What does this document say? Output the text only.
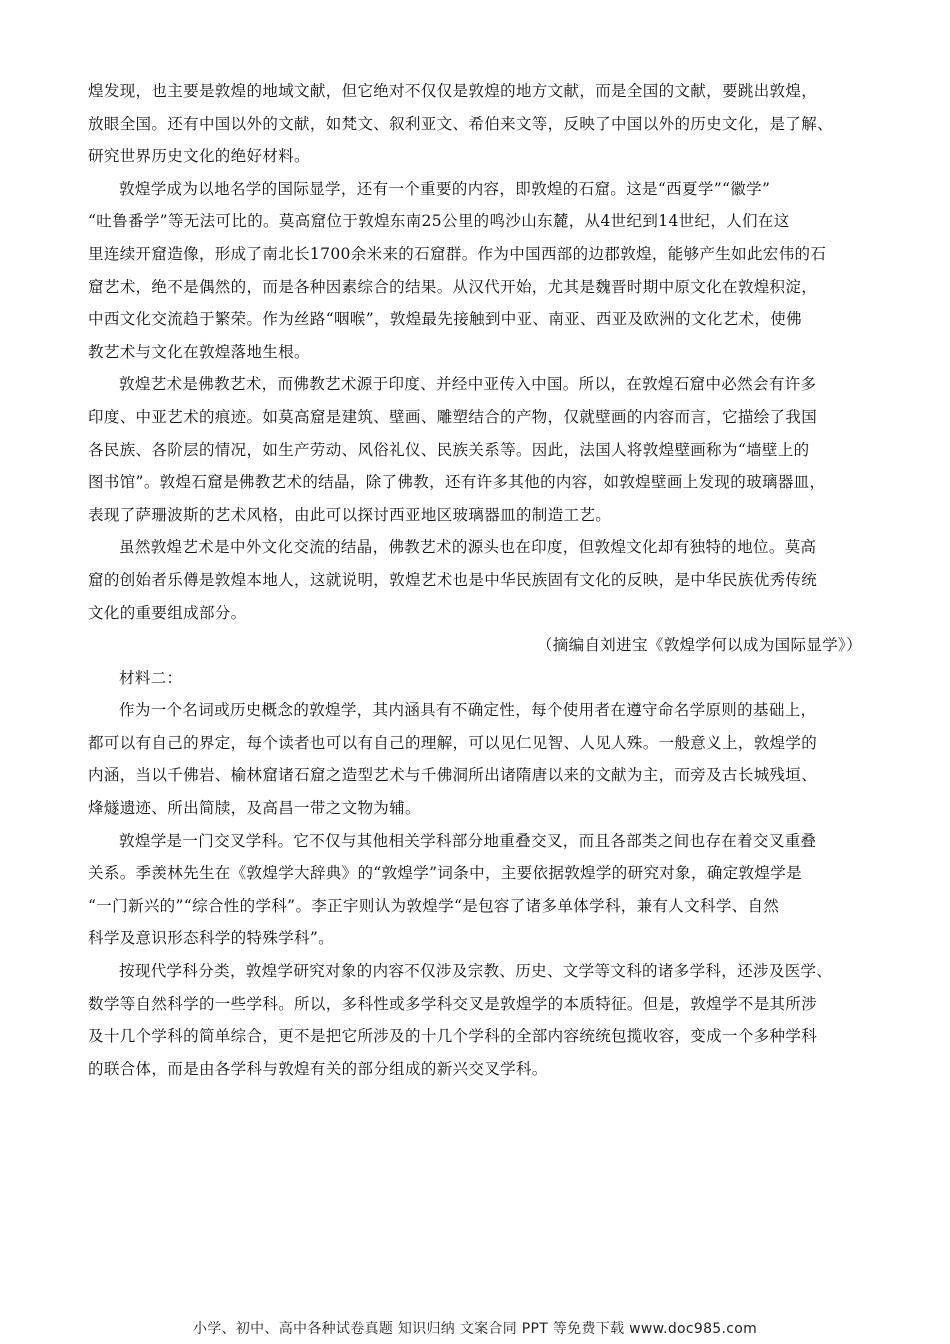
煌发现，也主要是敦煌的地域文献，但它绝对不仅仅是敦煌的地方文献，而是全国的文献，要跳出敦煌，
放眼全国。还有中国以外的文献，如梵文、叙利亚文、希伯来文等，反映了中国以外的历史文化，是了解、
研究世界历史文化的绝好材料。

敦煌学成为以地名学的国际显学，还有一个重要的内容，即敦煌的石窟。这是“西夏学”“徽学”
“吐鲁番学”等无法可比的。莫高窟位于敦煌东南25公里的鸣沙山东麓，从4世纪到14世纪，人们在这
里连续开窟造像，形成了南北长1700余米来的石窟群。作为中国西部的边郡敦煌，能够产生如此宏伟的石
窟艺术，绝不是偶然的，而是各种因素综合的结果。从汉代开始，尤其是魏晋时期中原文化在敦煌积淀，
中西文化交流趋于繁荣。作为丝路“咽喉”，敦煌最先接触到中亚、南亚、西亚及欧洲的文化艺术，使佛
教艺术与文化在敦煌落地生根。

敦煌艺术是佛教艺术，而佛教艺术源于印度、并经中亚传入中国。所以，在敦煌石窟中必然会有许多
印度、中亚艺术的痕迹。如莫高窟是建筑、壁画、雕塑结合的产物，仅就壁画的内容而言，它描绘了我国
各民族、各阶层的情况，如生产劳动、风俗礼仪、民族关系等。因此，法国人将敦煌壁画称为“墙壁上的
图书馆”。敦煌石窟是佛教艺术的结晶，除了佛教，还有许多其他的内容，如敦煌壁画上发现的玻璃器皿，
表现了萨珊波斯的艺术风格，由此可以探讨西亚地区玻璃器皿的制造工艺。

虽然敦煌艺术是中外文化交流的结晶，佛教艺术的源头也在印度，但敦煌文化却有独特的地位。莫高
窟的创始者乐僔是敦煌本地人，这就说明，敦煌艺术也是中华民族固有文化的反映，是中华民族优秀传统
文化的重要组成部分。

（摘编自刘进宝《敦煌学何以成为国际显学》）

材料二：

作为一个名词或历史概念的敦煌学，其内涵具有不确定性，每个使用者在遵守命名学原则的基础上，
都可以有自己的界定，每个读者也可以有自己的理解，可以见仁见智、人见人殊。一般意义上，敦煌学的
内涵，当以千佛岩、榆林窟诸石窟之造型艺术与千佛洞所出诸隋唐以来的文献为主，而旁及古长城残垣、
烽燧遗迹、所出简牍，及高昌一带之文物为辅。

敦煌学是一门交叉学科。它不仅与其他相关学科部分地重叠交叉，而且各部类之间也存在着交叉重叠
关系。季羡林先生在《敦煌学大辞典》的“敦煌学”词条中，主要依据敦煌学的研究对象，确定敦煌学是
“一门新兴的”“综合性的学科”。李正宇则认为敦煌学“是包容了诸多单体学科，兼有人文科学、自然
科学及意识形态科学的特殊学科”。

按现代学科分类，敦煌学研究对象的内容不仅涉及宗教、历史、文学等文科的诸多学科，还涉及医学、
数学等自然科学的一些学科。所以，多科性或多学科交叉是敦煌学的本质特征。但是，敦煌学不是其所涉
及十几个学科的简单综合，更不是把它所涉及的十几个学科的全部内容统统包揽收容，变成一个多种学科
的联合体，而是由各学科与敦煌有关的部分组成的新兴交叉学科。

小学、初中、高中各种试卷真题 知识归纳 文案合同 PPT 等免费下载 www.doc985.com
